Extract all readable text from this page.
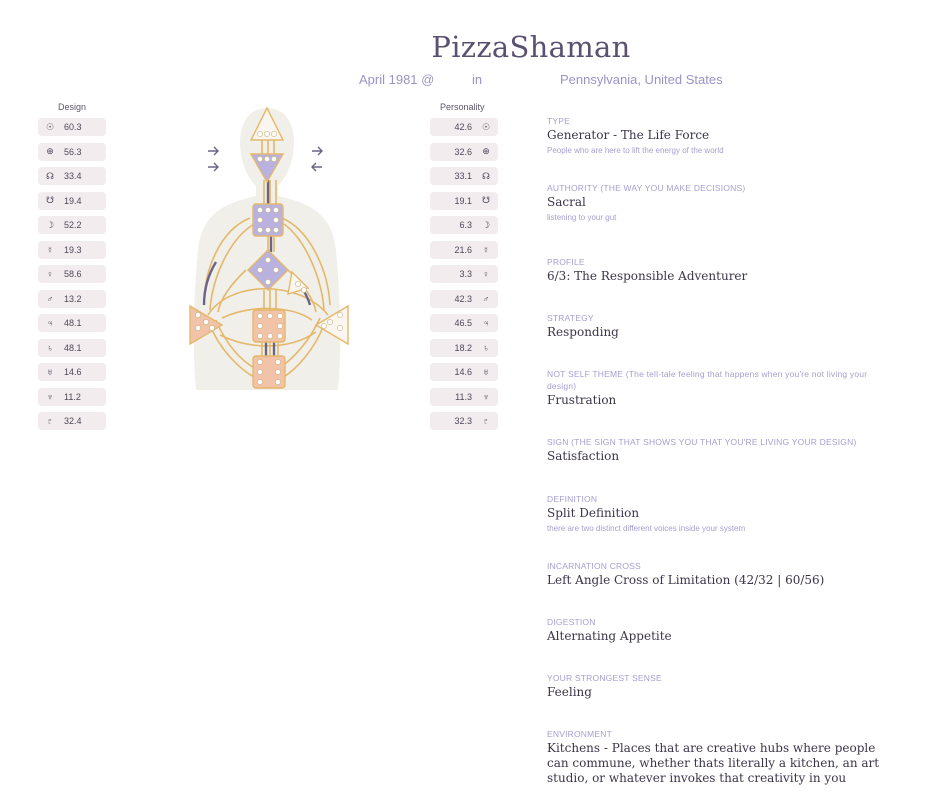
PizzaShaman
April 1981 @	in	Pennsylvania, United States
Design	Personality
☉ 60.3
⊕ 56.3
☊ 33.4
☋ 19.4
☽ 52.2
☿ 19.3
♀ 58.6
♂ 13.2
♃ 48.1
♄ 48.1
♅ 14.6
♆ 11.2
♇ 32.4
42.6 ☉
32.6 ⊕
33.1 ☊
19.1 ☋
6.3 ☽
21.6 ☿
3.3 ♀
42.3 ♂
46.5 ♃
18.2 ♄
14.6 ♅
11.3 ♆
32.3 ♇
TYPE
Generator - The Life Force
People who are here to lift the energy of the world
AUTHORITY (THE WAY YOU MAKE DECISIONS)
Sacral
listening to your gut
PROFILE
6/3: The Responsible Adventurer
STRATEGY
Responding
NOT SELF THEME (The tell-tale feeling that happens when you're not living your design)
Frustration
SIGN (THE SIGN THAT SHOWS YOU THAT YOU'RE LIVING YOUR DESIGN)
Satisfaction
DEFINITION
Split Definition
there are two distinct different voices inside your system
INCARNATION CROSS
Left Angle Cross of Limitation (42/32 | 60/56)
DIGESTION
Alternating Appetite
YOUR STRONGEST SENSE
Feeling
ENVIRONMENT
Kitchens - Places that are creative hubs where people can commune, whether thats literally a kitchen, an art studio, or whatever invokes that creativity in you
